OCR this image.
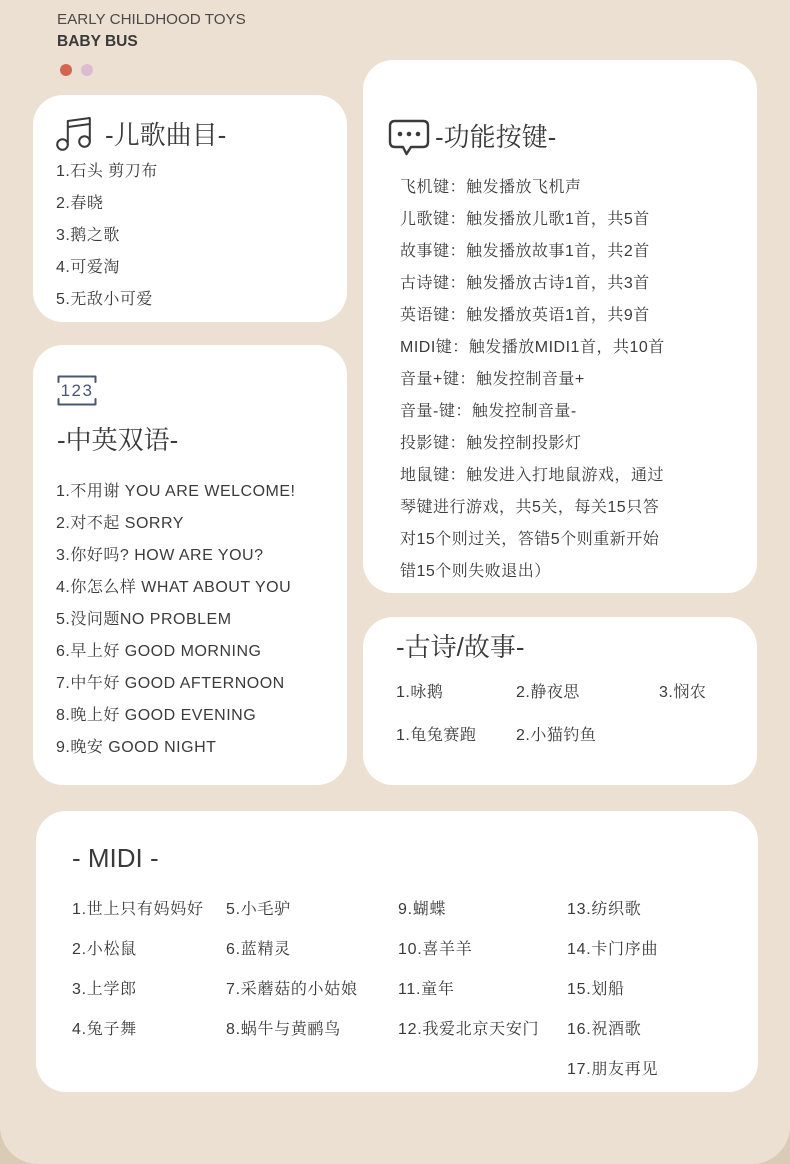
EARLY CHILDHOOD TOYS
BABY BUS
-儿歌曲目-
1.石头 剪刀布
2.春晓
3.鹅之歌
4.可爱淘
5.无敌小可爱
-功能按键-
飞机键：触发播放飞机声
儿歌键：触发播放儿歌1首，共5首
故事键：触发播放故事1首，共2首
古诗键：触发播放古诗1首，共3首
英语键：触发播放英语1首，共9首
MIDI键：触发播放MIDI1首，共10首
音量+键：触发控制音量+
音量-键：触发控制音量-
投影键：触发控制投影灯
地鼠键：触发进入打地鼠游戏，通过
琴键进行游戏，共5关，每关15只答
对15个则过关，答错5个则重新开始
错15个则失败退出）
123
-中英双语-
1.不用谢 YOU ARE WELCOME!
2.对不起 SORRY
3.你好吗? HOW ARE YOU?
4.你怎么样 WHAT ABOUT YOU
5.没问题NO PROBLEM
6.早上好 GOOD MORNING
7.中午好 GOOD AFTERNOON
8.晚上好 GOOD EVENING
9.晚安 GOOD NIGHT
-古诗/故事-
1.咏鹅	2.静夜思	3.悯农
1.龟兔赛跑 2.小猫钓鱼
- MIDI -
1.世上只有妈妈好
2.小松鼠
3.上学郎
4.兔子舞
5.小毛驴
6.蓝精灵
7.采蘑菇的小姑娘
8.蜗牛与黄鹂鸟
9.蝴蝶
10.喜羊羊
11.童年
12.我爱北京天安门
13.纺织歌
14.卡门序曲
15.划船
16.祝酒歌
17.朋友再见
